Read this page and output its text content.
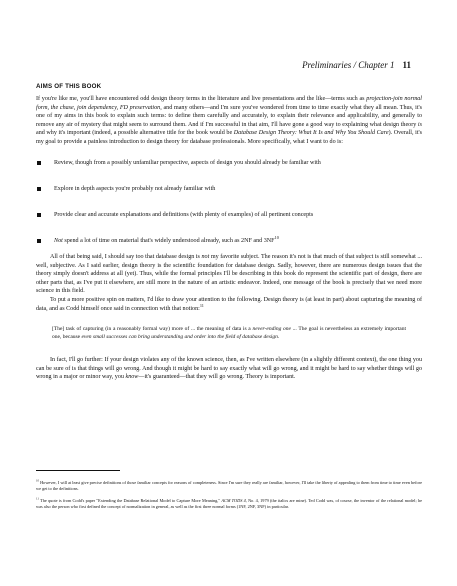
Preliminaries / Chapter 1 11
AIMS OF THIS BOOK

If you're like me, you'll have encountered odd design theory terms in the literature and live presentations and the like—terms such as projection-join normal form, the chase, join dependency, FD preservation, and many others—and I'm sure you've wondered from time to time exactly what they all mean. Thus, it's one of my aims in this book to explain such terms: to define them carefully and accurately, to explain their relevance and applicability, and generally to remove any air of mystery that might seem to surround them. And if I'm successful in that aim, I'll have gone a good way to explaining what design theory is and why it's important (indeed, a possible alternative title for the book would be Database Design Theory: What It Is and Why You Should Care). Overall, it's my goal to provide a painless introduction to design theory for database professionals. More specifically, what I want to do is:

Review, though from a possibly unfamiliar perspective, aspects of design you should already be familiar with
Explore in depth aspects you're probably not already familiar with
Provide clear and accurate explanations and definitions (with plenty of examples) of all pertinent concepts
Not spend a lot of time on material that's widely understood already, such as 2NF and 3NF$^{10}$

All of that being said, I should say too that database design is not my favorite subject. The reason it's not is that much of that subject is still somewhat ... well, subjective. As I said earlier, design theory is the scientific foundation for database design. Sadly, however, there are numerous design issues that the theory simply doesn't address at all (yet). Thus, while the formal principles I'll be describing in this book do represent the scientific part of design, there are other parts that, as I've put it elsewhere, are still more in the nature of an artistic endeavor. Indeed, one message of the book is precisely that we need more science in this field.

To put a more positive spin on matters, I'd like to draw your attention to the following. Design theory is (at least in part) about capturing the meaning of data, and as Codd himself once said in connection with that notion:$^{11}$

[The] task of capturing (in a reasonably formal way) more of ... the meaning of data is a never-ending one ... The goal is nevertheless an extremely important one, because even small successes can bring understanding and order into the field of database design.

In fact, I'll go further: If your design violates any of the known science, then, as I've written elsewhere (in a slightly different context), the one thing you can be sure of is that things will go wrong. And though it might be hard to say exactly what will go wrong, and it might be hard to say whether things will go wrong in a major or minor way, you know—it's guaranteed—that they will go wrong. Theory is important.

$^{10}$ However, I will at least give precise definitions of those familiar concepts for reasons of completeness. Since I'm sure they really are familiar, however, I'll take the liberty of appealing to them from time to time even before we get to the definitions.

$^{11}$ The quote is from Codd's paper "Extending the Database Relational Model to Capture More Meaning," ACM TODS 4, No. 4, 1979 (the italics are mine). Ted Codd was, of course, the inventor of the relational model; he was also the person who first defined the concept of normalization in general, as well as the first three normal forms (1NF, 2NF, 3NF) in particular.
